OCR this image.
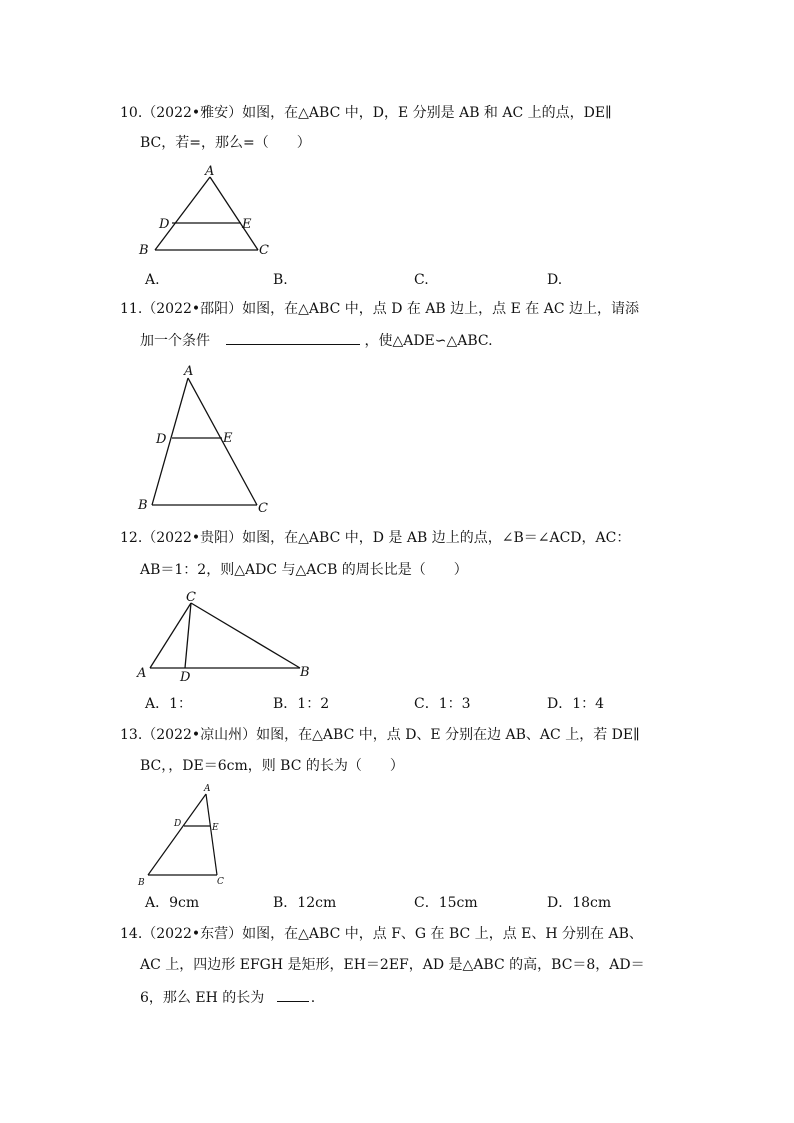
10.（2022•雅安）如图，在△ABC 中，D，E 分别是 AB 和 AC 上的点，DE∥
BC，若=，那么=（　　）
A
B	C
D	E
A.	B.	C.	D.
11.（2022•邵阳）如图，在△ABC 中，点 D 在 AB 边上，点 E 在 AC 边上，请添
加一个条件	，使△ADE∽△ABC.
A
B	C
D	E
12.（2022•贵阳）如图，在△ABC 中，D 是 AB 边上的点，∠B＝∠ACD，AC：
AB＝1：2，则△ADC 与△ACB 的周长比是（　　）
C
A	D	B
A．1：	B．1：2	C．1：3	D．1：4
13.（2022•凉山州）如图，在△ABC 中，点 D、E 分别在边 AB、AC 上，若 DE∥
BC，，DE＝6cm，则 BC 的长为（　　）
A
B	C
D	E
A．9cm	B．12cm	C．15cm	D．18cm
14.（2022•东营）如图，在△ABC 中，点 F、G 在 BC 上，点 E、H 分别在 AB、
AC 上，四边形 EFGH 是矩形，EH＝2EF，AD 是△ABC 的高，BC＝8，AD＝
6，那么 EH 的长为	.
